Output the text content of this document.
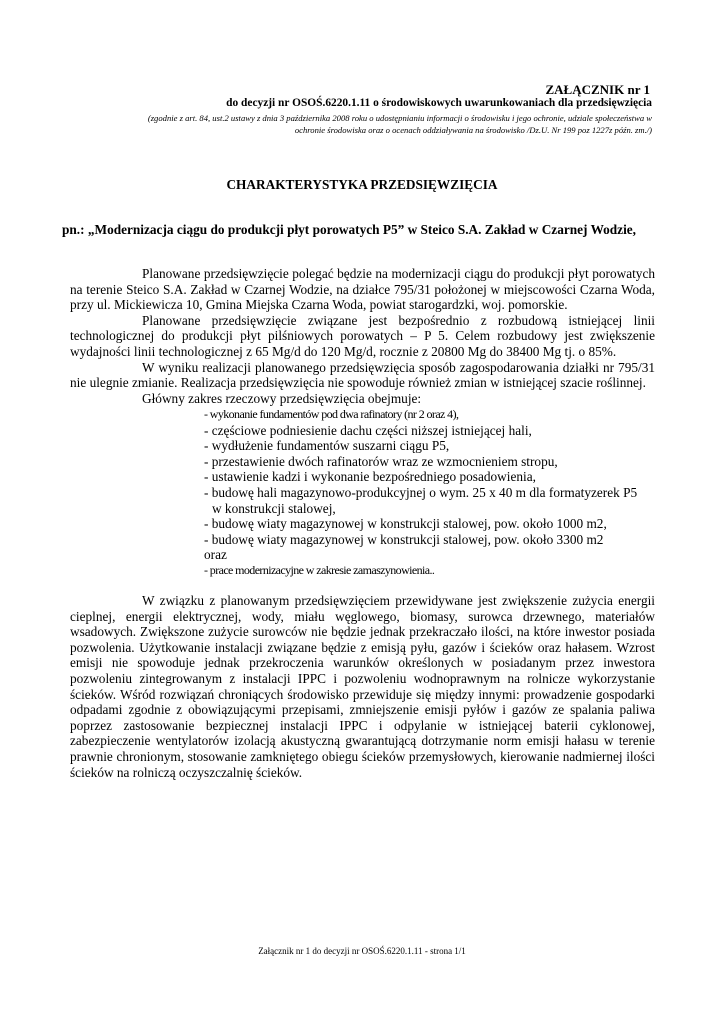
ZAŁĄCZNIK nr 1
do decyzji nr OSOŚ.6220.1.11 o środowiskowych uwarunkowaniach dla przedsięwzięcia
(zgodnie z art. 84, ust.2 ustawy z dnia 3 października 2008 roku o udostępnianiu informacji o środowisku i jego ochronie, udziale społeczeństwa w
ochronie środowiska oraz o ocenach oddziaływania na środowisko /Dz.U. Nr 199 poz 1227z późn. zm./)
CHARAKTERYSTYKA PRZEDSIĘWZIĘCIA
pn.: „Modernizacja ciągu do produkcji płyt porowatych P5” w Steico S.A. Zakład w Czarnej Wodzie,

Planowane przedsięwzięcie polegać będzie na modernizacji ciągu do produkcji płyt porowatych na terenie Steico S.A. Zakład w Czarnej Wodzie, na działce 795/31 położonej w miejscowości Czarna Woda, przy ul. Mickiewicza 10, Gmina Miejska Czarna Woda, powiat starogardzki, woj. pomorskie.

Planowane przedsięwzięcie związane jest bezpośrednio z rozbudową istniejącej linii technologicznej do produkcji płyt pilśniowych porowatych – P 5. Celem rozbudowy jest zwiększenie wydajności linii technologicznej z 65 Mg/d do 120 Mg/d, rocznie z 20800 Mg do 38400 Mg tj. o 85%.

W wyniku realizacji planowanego przedsięwzięcia sposób zagospodarowania działki nr 795/31 nie ulegnie zmianie. Realizacja przedsięwzięcia nie spowoduje również zmian w istniejącej szacie roślinnej.

Główny zakres rzeczowy przedsięwzięcia obejmuje:

- wykonanie fundamentów pod dwa rafinatory (nr 2 oraz 4),
- częściowe podniesienie dachu części niższej istniejącej hali,
- wydłużenie fundamentów suszarni ciągu P5,
- przestawienie dwóch rafinatorów wraz ze wzmocnieniem stropu,
- ustawienie kadzi i wykonanie bezpośredniego posadowienia,
- budowę hali magazynowo-produkcyjnej o wym. 25 x 40 m dla formatyzerek P5
w konstrukcji stalowej,
- budowę wiaty magazynowej w konstrukcji stalowej, pow. około 1000 m2,
- budowę wiaty magazynowej w konstrukcji stalowej, pow. około 3300 m2
oraz
- prace modernizacyjne w zakresie zamaszynowienia..

W związku z planowanym przedsięwzięciem przewidywane jest zwiększenie zużycia energii cieplnej, energii elektrycznej, wody, miału węglowego, biomasy, surowca drzewnego, materiałów wsadowych. Zwiększone zużycie surowców nie będzie jednak przekraczało ilości, na które inwestor posiada pozwolenia. Użytkowanie instalacji związane będzie z emisją pyłu, gazów i ścieków oraz hałasem. Wzrost emisji nie spowoduje jednak przekroczenia warunków określonych w posiadanym przez inwestora pozwoleniu zintegrowanym z instalacji IPPC i pozwoleniu wodnoprawnym na rolnicze wykorzystanie ścieków. Wśród rozwiązań chroniących środowisko przewiduje się między innymi: prowadzenie gospodarki odpadami zgodnie z obowiązującymi przepisami, zmniejszenie emisji pyłów i gazów ze spalania paliwa poprzez zastosowanie bezpiecznej instalacji IPPC i odpylanie w istniejącej baterii cyklonowej, zabezpieczenie wentylatorów izolacją akustyczną gwarantującą dotrzymanie norm emisji hałasu w terenie prawnie chronionym, stosowanie zamkniętego obiegu ścieków przemysłowych, kierowanie nadmiernej ilości ścieków na rolniczą oczyszczalnię ścieków.

Załącznik nr 1 do decyzji nr OSOŚ.6220.1.11 - strona 1/1
